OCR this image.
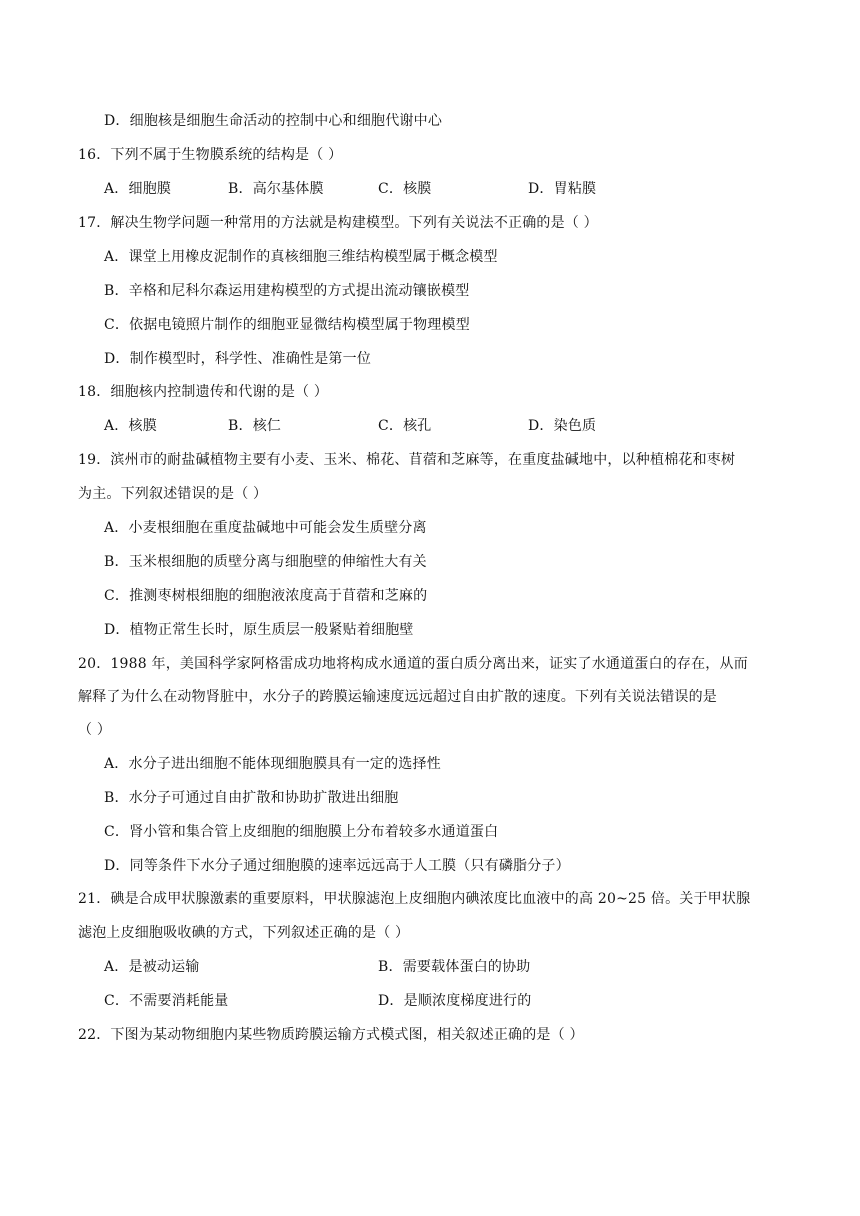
D．细胞核是细胞生命活动的控制中心和细胞代谢中心
16．下列不属于生物膜系统的结构是（ ）
A．细胞膜	B．高尔基体膜	C．核膜	D．胃粘膜
17．解决生物学问题一种常用的方法就是构建模型。下列有关说法不正确的是（ ）
A．课堂上用橡皮泥制作的真核细胞三维结构模型属于概念模型
B．辛格和尼科尔森运用建构模型的方式提出流动镶嵌模型
C．依据电镜照片制作的细胞亚显微结构模型属于物理模型
D．制作模型时，科学性、准确性是第一位
18．细胞核内控制遗传和代谢的是（ ）
A．核膜	B．核仁	C．核孔	D．染色质
19．滨州市的耐盐碱植物主要有小麦、玉米、棉花、苜蓿和芝麻等，在重度盐碱地中，以种植棉花和枣树
为主。下列叙述错误的是（ ）
A．小麦根细胞在重度盐碱地中可能会发生质壁分离
B．玉米根细胞的质壁分离与细胞壁的伸缩性大有关
C．推测枣树根细胞的细胞液浓度高于苜蓿和芝麻的
D．植物正常生长时，原生质层一般紧贴着细胞壁
20．1988 年，美国科学家阿格雷成功地将构成水通道的蛋白质分离出来，证实了水通道蛋白的存在，从而
解释了为什么在动物肾脏中，水分子的跨膜运输速度远远超过自由扩散的速度。下列有关说法错误的是
（ ）
A．水分子进出细胞不能体现细胞膜具有一定的选择性
B．水分子可通过自由扩散和协助扩散进出细胞
C．肾小管和集合管上皮细胞的细胞膜上分布着较多水通道蛋白
D．同等条件下水分子通过细胞膜的速率远远高于人工膜（只有磷脂分子）
21．碘是合成甲状腺激素的重要原料，甲状腺滤泡上皮细胞内碘浓度比血液中的高 20~25 倍。关于甲状腺
滤泡上皮细胞吸收碘的方式，下列叙述正确的是（ ）
A．是被动运输	B．需要载体蛋白的协助
C．不需要消耗能量	D．是顺浓度梯度进行的
22．下图为某动物细胞内某些物质跨膜运输方式模式图，相关叙述正确的是（ ）
